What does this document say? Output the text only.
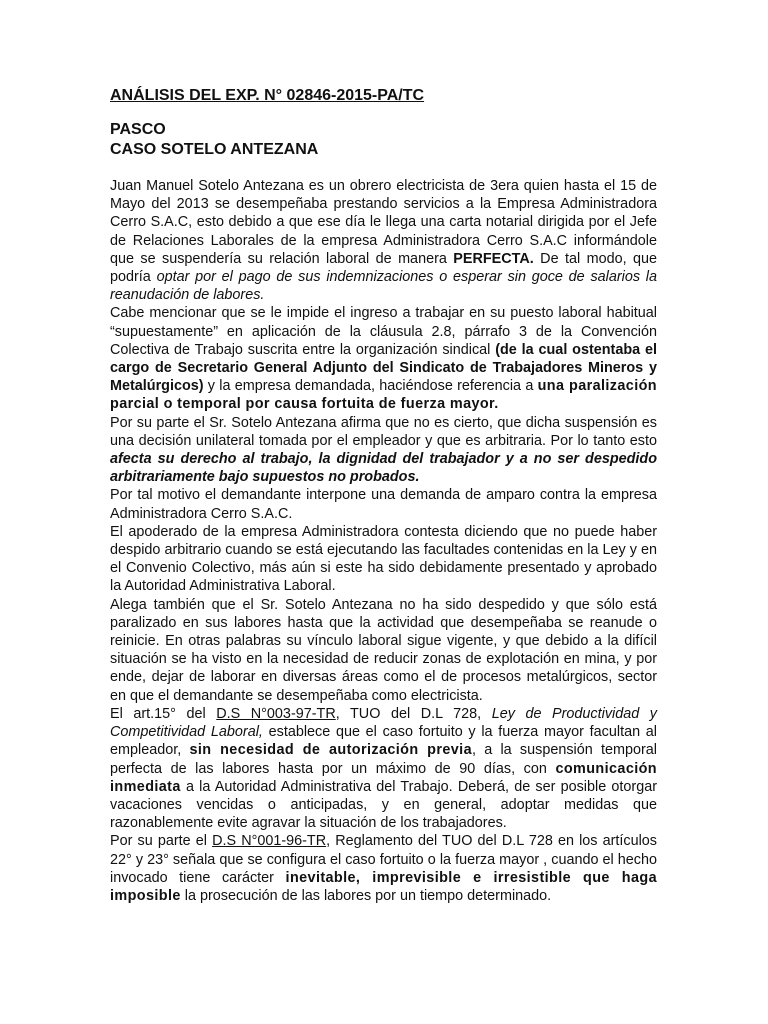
ANÁLISIS DEL EXP. N° 02846-2015-PA/TC
PASCO
CASO SOTELO ANTEZANA

Juan Manuel Sotelo Antezana es un obrero electricista de 3era quien hasta el 15 de Mayo del 2013 se desempeñaba prestando servicios a la Empresa Administradora Cerro S.A.C, esto debido a que ese día le llega una carta notarial dirigida por el Jefe de Relaciones Laborales de la empresa Administradora Cerro S.A.C informándole que se suspendería su relación laboral de manera PERFECTA. De tal modo, que podría optar por el pago de sus indemnizaciones o esperar sin goce de salarios la reanudación de labores.

Cabe mencionar que se le impide el ingreso a trabajar en su puesto laboral habitual “supuestamente” en aplicación de la cláusula 2.8, párrafo 3 de la Convención Colectiva de Trabajo suscrita entre la organización sindical (de la cual ostentaba el cargo de Secretario General Adjunto del Sindicato de Trabajadores Mineros y Metalúrgicos) y la empresa demandada, haciéndose referencia a una paralización parcial o temporal por causa fortuita de fuerza mayor.

Por su parte el Sr. Sotelo Antezana afirma que no es cierto, que dicha suspensión es una decisión unilateral tomada por el empleador y que es arbitraria. Por lo tanto esto afecta su derecho al trabajo, la dignidad del trabajador y a no ser despedido arbitrariamente bajo supuestos no probados.

Por tal motivo el demandante interpone una demanda de amparo contra la empresa Administradora Cerro S.A.C.

El apoderado de la empresa Administradora contesta diciendo que no puede haber despido arbitrario cuando se está ejecutando las facultades contenidas en la Ley y en el Convenio Colectivo, más aún si este ha sido debidamente presentado y aprobado la Autoridad Administrativa Laboral.

Alega también que el Sr. Sotelo Antezana no ha sido despedido y que sólo está paralizado en sus labores hasta que la actividad que desempeñaba se reanude o reinicie. En otras palabras su vínculo laboral sigue vigente, y que debido a la difícil situación se ha visto en la necesidad de reducir zonas de explotación en mina, y por ende, dejar de laborar en diversas áreas como el de procesos metalúrgicos, sector en que el demandante se desempeñaba como electricista.

El art.15° del D.S N°003-97-TR, TUO del D.L 728, Ley de Productividad y Competitividad Laboral, establece que el caso fortuito y la fuerza mayor facultan al empleador, sin necesidad de autorización previa, a la suspensión temporal perfecta de las labores hasta por un máximo de 90 días, con comunicación inmediata a la Autoridad Administrativa del Trabajo. Deberá, de ser posible otorgar vacaciones vencidas o anticipadas, y en general, adoptar medidas que razonablemente evite agravar la situación de los trabajadores.

Por su parte el D.S N°001-96-TR, Reglamento del TUO del D.L 728 en los artículos 22° y 23° señala que se configura el caso fortuito o la fuerza mayor , cuando el hecho invocado tiene carácter inevitable, imprevisible e irresistible que haga imposible la prosecución de las labores por un tiempo determinado.
